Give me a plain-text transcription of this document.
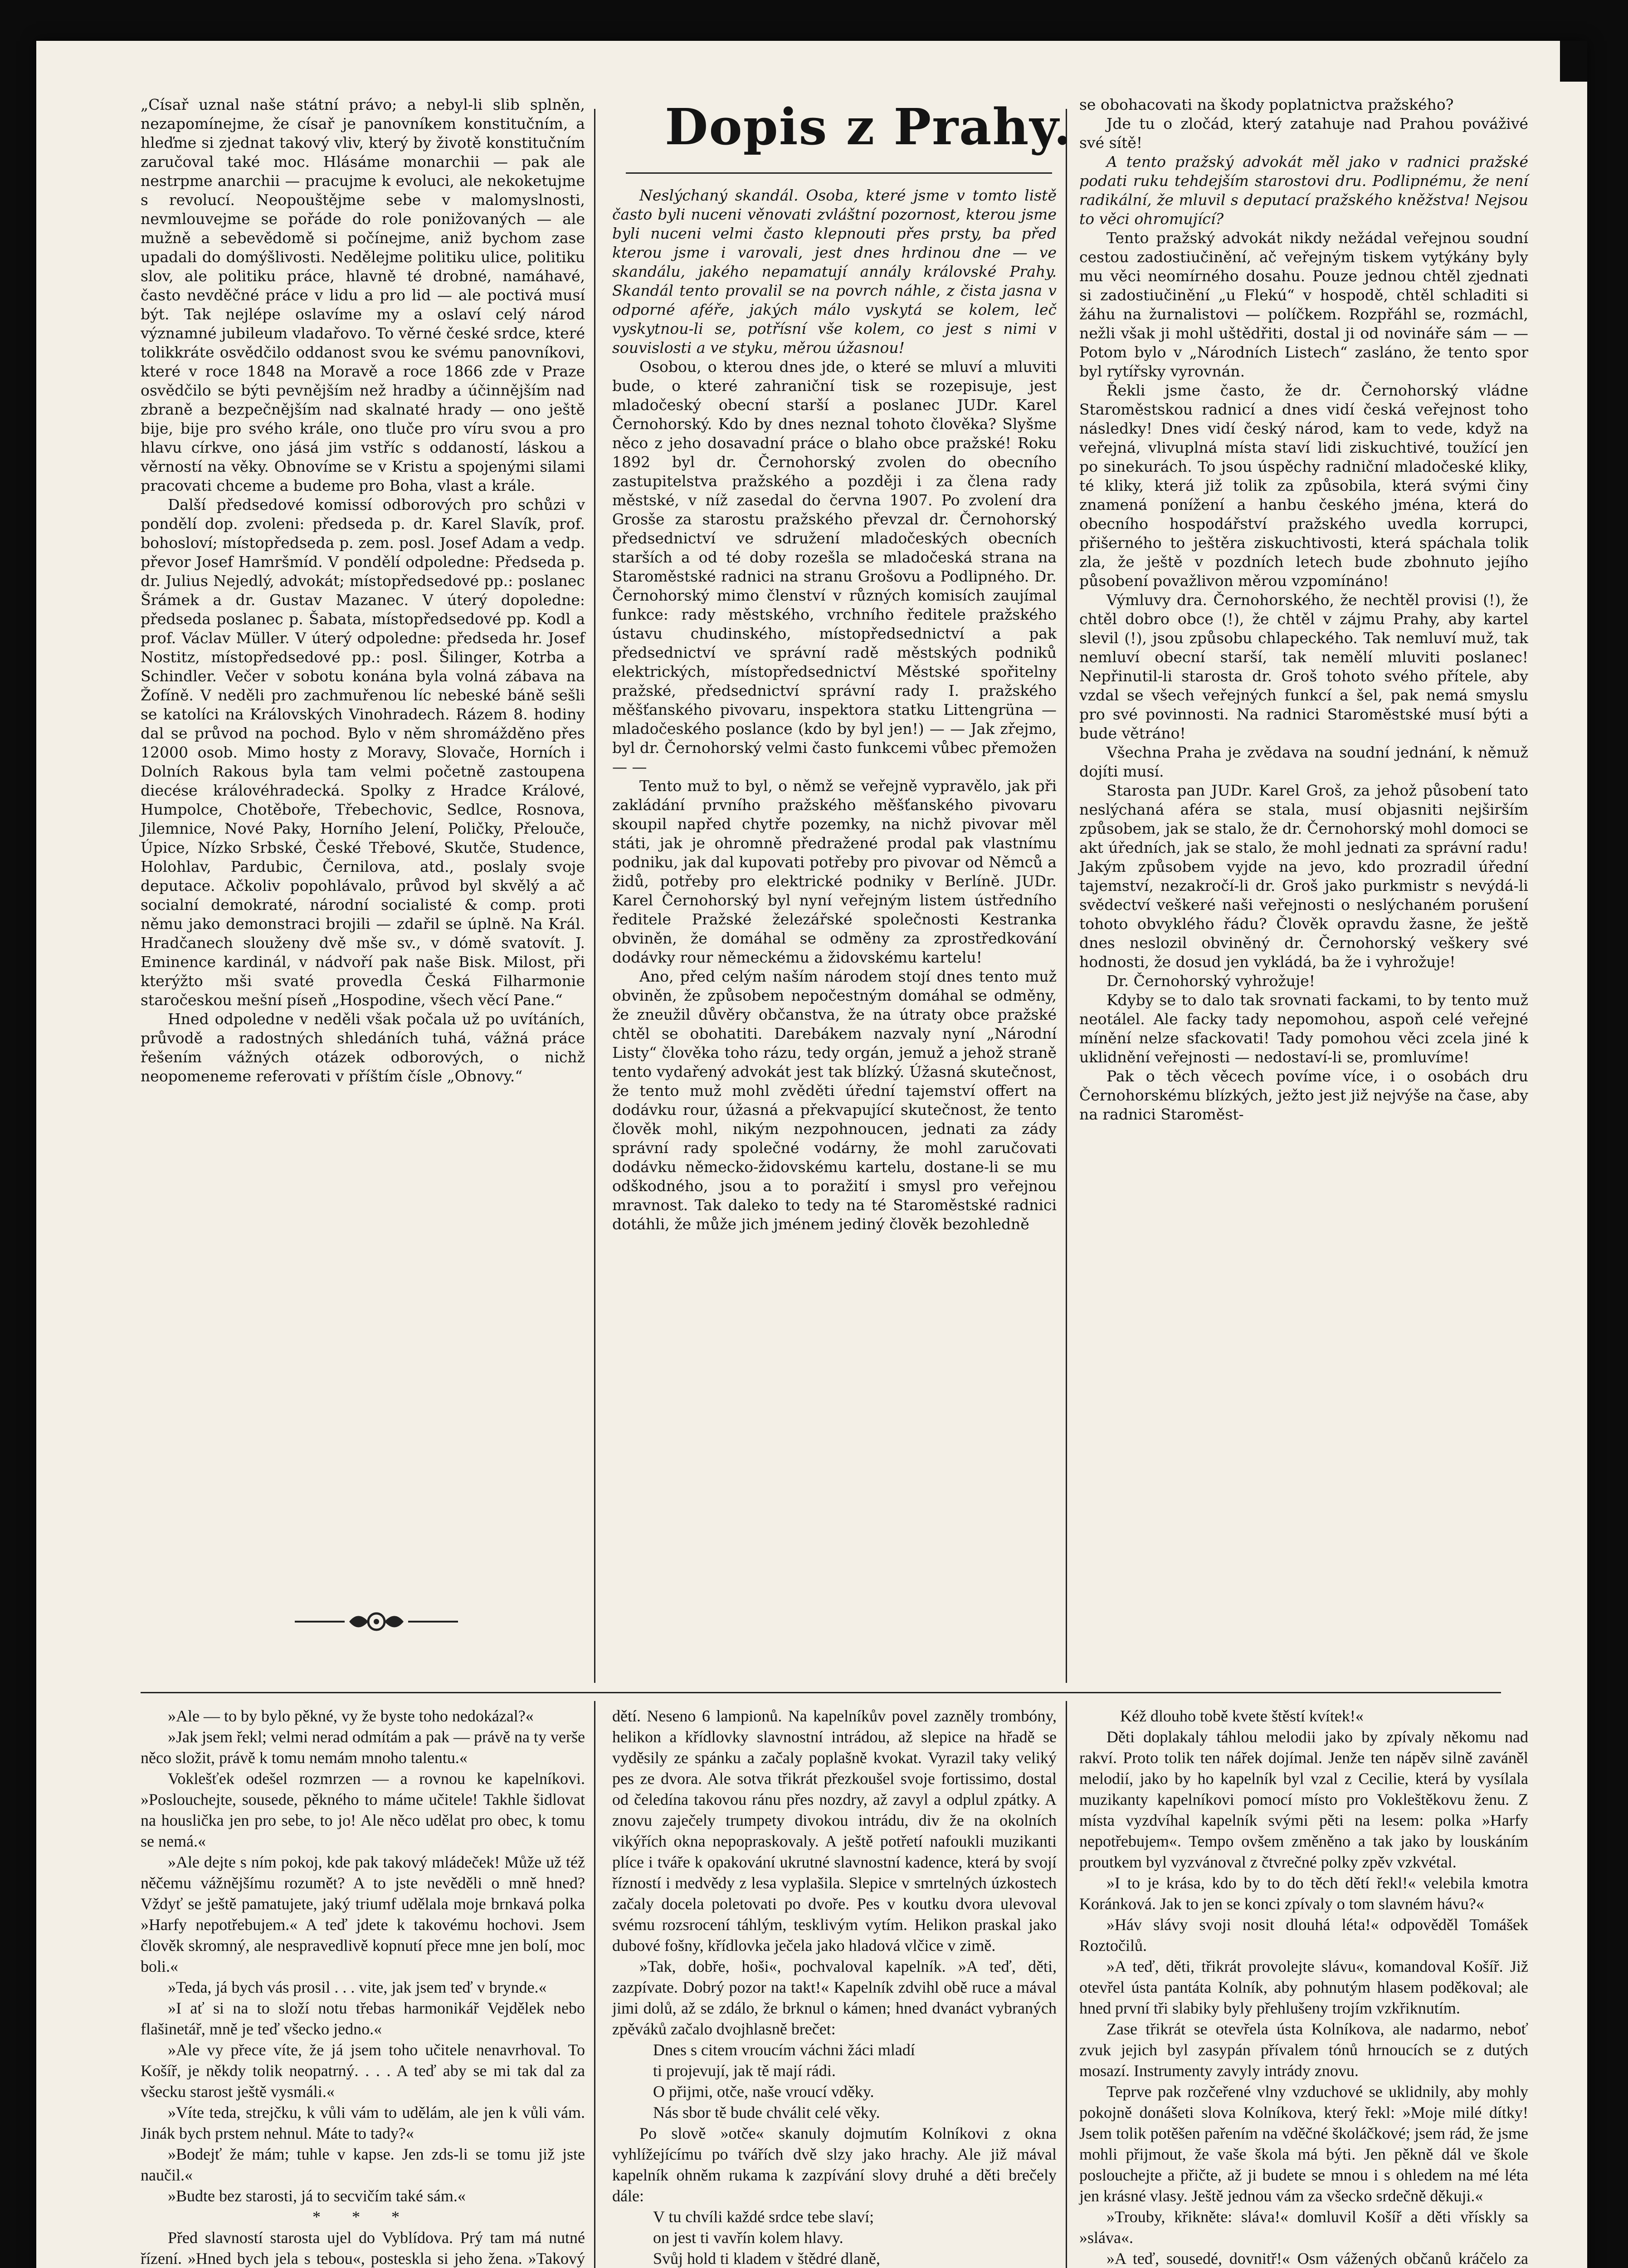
„Císař uznal naše státní právo; a nebyl-li slib splněn, nezapomínejme, že císař je panovníkem konstitučním, a hleďme si zjednat takový vliv, který by životě konstitučním zaručoval také moc. Hlásáme monarchii — pak ale nestrpme anarchii — pracujme k evoluci, ale nekoketujme s revolucí. Neopouštějme sebe v malomyslnosti, nevmlouvejme se pořáde do role ponižovaných — ale mužně a sebevědomě si počínejme, aniž bychom zase upadali do domýšlivosti. Nedělejme politiku ulice, politiku slov, ale politiku práce, hlavně té drobné, namáhavé, často nevděčné práce v lidu a pro lid — ale poctivá musí být. Tak nejlépe oslavíme my a oslaví celý národ významné jubileum vladařovo. To věrné české srdce, které tolikkráte osvědčilo oddanost svou ke svému panovníkovi, které v roce 1848 na Moravě a roce 1866 zde v Praze osvědčilo se býti pevnějším než hradby a účinnějším nad zbraně a bezpečnějším nad skalnaté hrady — ono ještě bije, bije pro svého krále, ono tluče pro víru svou a pro hlavu církve, ono jásá jim vstříc s oddaností, láskou a věrností na věky. Obnovíme se v Kristu a spojenými silami pracovati chceme a budeme pro Boha, vlast a krále.

Další předsedové komissí odborových pro schůzi v pondělí dop. zvoleni: předseda p. dr. Karel Slavík, prof. bohosloví; místopředseda p. zem. posl. Josef Adam a vedp. převor Josef Hamršmíd. V pondělí odpoledne: Předseda p. dr. Julius Nejedlý, advokát; místopředsedové pp.: poslanec Šrámek a dr. Gustav Mazanec. V úterý dopoledne: předseda poslanec p. Šabata, místopředsedové pp. Kodl a prof. Václav Müller. V úterý odpoledne: předseda hr. Josef Nostitz, místopředsedové pp.: posl. Šilinger, Kotrba a Schindler. Večer v sobotu konána byla volná zábava na Žofíně. V neděli pro zachmuřenou líc nebeské báně sešli se katolíci na Královských Vinohradech. Rázem 8. hodiny dal se průvod na pochod. Bylo v něm shromážděno přes 12000 osob. Mimo hosty z Moravy, Slovače, Horních i Dolních Rakous byla tam velmi početně zastoupena diecése královéhradecká. Spolky z Hradce Králové, Humpolce, Chotěboře, Třebechovic, Sedlce, Rosnova, Jilemnice, Nové Paky, Horního Jelení, Poličky, Přelouče, Úpice, Nízko Srbské, České Třebové, Skutče, Studence, Holohlav, Pardubic, Černilova, atd., poslaly svoje deputace. Ačkoliv popohlávalo, průvod byl skvělý a ač socialní demokraté, národní socialisté & comp. proti němu jako demonstraci brojili — zdařil se úplně. Na Král. Hradčanech slouženy dvě mše sv., v dómě svatovít. J. Eminence kardinál, v nádvoří pak naše Bisk. Milost, při kterýžto mši svaté provedla Česká Filharmonie staročeskou mešní píseň „Hospodine, všech věcí Pane.“

Hned odpoledne v neděli však počala už po uvítáních, průvodě a radostných shledáních tuhá, vážná práce řešením vážných otázek odborových, o nichž neopomeneme referovati v příštím čísle „Obnovy.“

Dopis z Prahy.

Neslýchaný skandál. Osoba, které jsme v tomto listě často byli nuceni věnovati zvláštní pozornost, kterou jsme byli nuceni velmi často klepnouti přes prsty, ba před kterou jsme i varovali, jest dnes hrdinou dne — ve skandálu, jakého nepamatují annály královské Prahy. Skandál tento provalil se na povrch náhle, z čista jasna v odporné aféře, jakých málo vyskytá se kolem, leč vyskytnou-li se, potřísní vše kolem, co jest s nimi v souvislosti a ve styku, měrou úžasnou!

Osobou, o kterou dnes jde, o které se mluví a mluviti bude, o které zahraniční tisk se rozepisuje, jest mladočeský obecní starší a poslanec JUDr. Karel Černohorský. Kdo by dnes neznal tohoto člověka? Slyšme něco z jeho dosavadní práce o blaho obce pražské! Roku 1892 byl dr. Černohorský zvolen do obecního zastupitelstva pražského a později i za člena rady městské, v níž zasedal do června 1907. Po zvolení dra Grosše za starostu pražského převzal dr. Černohorský předsednictví ve sdružení mladočeských obecních starších a od té doby rozešla se mladočeská strana na Staroměstské radnici na stranu Grošovu a Podlipného. Dr. Černohorský mimo členství v různých komisích zaujímal funkce: rady městského, vrchního ředitele pražského ústavu chudinského, místopředsednictví a pak předsednictví ve správní radě městských podniků elektrických, místopředsednictví Městské spořitelny pražské, předsednictví správní rady I. pražského měšťanského pivovaru, inspektora statku Littengrüna — mladočeského poslance (kdo by byl jen!) — — Jak zřejmo, byl dr. Černohorský velmi často funkcemi vůbec přemožen — —

Tento muž to byl, o němž se veřejně vypravělo, jak při zakládání prvního pražského měšťanského pivovaru skoupil napřed chytře pozemky, na nichž pivovar měl státi, jak je ohromně předražené prodal pak vlastnímu podniku, jak dal kupovati potřeby pro pivovar od Němců a židů, potřeby pro elektrické podniky v Berlíně. JUDr. Karel Černohorský byl nyní veřejným listem ústředního ředitele Pražské železářské společnosti Kestranka obviněn, že domáhal se odměny za zprostředkování dodávky rour německému a židovskému kartelu!

Ano, před celým naším národem stojí dnes tento muž obviněn, že způsobem nepočestným domáhal se odměny, že zneužil důvěry občanstva, že na útraty obce pražské chtěl se obohatiti. Darebákem nazvaly nyní „Národní Listy“ člověka toho rázu, tedy orgán, jemuž a jehož straně tento vydařený advokát jest tak blízký. Úžasná skutečnost, že tento muž mohl zvěděti úřední tajemství offert na dodávku rour, úžasná a překvapující skutečnost, že tento člověk mohl, nikým nezpohnoucen, jednati za zády správní rady společné vodárny, že mohl zaručovati dodávku německo-židovskému kartelu, dostane-li se mu odškodného, jsou a to poražití i smysl pro veřejnou mravnost. Tak daleko to tedy na té Staroměstské radnici dotáhli, že může jich jménem jediný člověk bezohledně

se obohacovati na škody poplatnictva pražského?

Jde tu o zločád, který zatahuje nad Prahou pováživé své sítě!

A tento pražský advokát měl jako v radnici pražské podati ruku tehdejším starostovi dru. Podlipnému, že není radikální, že mluvil s deputací pražského kněžstva! Nejsou to věci ohromující?

Tento pražský advokát nikdy nežádal veřejnou soudní cestou zadostiučinění, ač veřejným tiskem vytýkány byly mu věci neomírného dosahu. Pouze jednou chtěl zjednati si zadostiučinění „u Flekú“ v hospodě, chtěl schladiti si žáhu na žurnalistovi — políčkem. Rozpřáhl se, rozmáchl, nežli však ji mohl uštědřiti, dostal ji od novináře sám — — Potom bylo v „Národních Listech“ zasláno, že tento spor byl rytířsky vyrovnán.

Řekli jsme často, že dr. Černohorský vládne Staroměstskou radnicí a dnes vidí česká veřejnost toho následky! Dnes vidí český národ, kam to vede, když na veřejná, vlivuplná místa staví lidi ziskuchtivé, toužící jen po sinekurách. To jsou úspěchy radniční mladočeské kliky, té kliky, která již tolik za způsobila, která svými činy znamená ponížení a hanbu českého jména, která do obecního hospodářství pražského uvedla korrupci, přišerného to ještěra ziskuchtivosti, která spáchala tolik zla, že ještě v pozdních letech bude zbohnuto jejího působení považlivon měrou vzpomínáno!

Výmluvy dra. Černohorského, že nechtěl provisi (!), že chtěl dobro obce (!), že chtěl v zájmu Prahy, aby kartel slevil (!), jsou způsobu chlapeckého. Tak nemluví muž, tak nemluví obecní starší, tak nemělí mluviti poslanec! Nepřinutil-li starosta dr. Groš tohoto svého přítele, aby vzdal se všech veřejných funkcí a šel, pak nemá smyslu pro své povinnosti. Na radnici Staroměstské musí býti a bude větráno!

Všechna Praha je zvědava na soudní jednání, k němuž dojíti musí.

Starosta pan JUDr. Karel Groš, za jehož působení tato neslýchaná aféra se stala, musí objasniti nejširším způsobem, jak se stalo, že dr. Černohorský mohl domoci se akt úředních, jak se stalo, že mohl jednati za správní radu! Jakým způsobem vyjde na jevo, kdo prozradil úřední tajemství, nezakročí-li dr. Groš jako purkmistr s nevýdá-li svědectví veškeré naši veřejnosti o neslýchaném porušení tohoto obvyklého řádu? Člověk opravdu žasne, že ještě dnes neslozil obviněný dr. Černohorský veškery své hodnosti, že dosud jen vykládá, ba že i vyhrožuje!

Dr. Černohorský vyhrožuje!

Kdyby se to dalo tak srovnati fackami, to by tento muž neotálel. Ale facky tady nepomohou, aspoň celé veřejné mínění nelze sfackovati! Tady pomohou věci zcela jiné k uklidnění veřejnosti — nedostaví-li se, promluvíme!

Pak o těch věcech povíme více, i o osobách dru Černohorskému blízkých, ježto jest již nejvýše na čase, aby na radnici Staroměst-

»Ale — to by bylo pěkné, vy že byste toho nedokázal?«

»Jak jsem řekl; velmi nerad odmítám a pak — právě na ty verše něco složit, právě k tomu nemám mnoho talentu.«

Voklešťek odešel rozmrzen — a rovnou ke kapelníkovi. »Poslouchejte, sousede, pěkného to máme učitele! Takhle šidlovat na houslička jen pro sebe, to jo! Ale něco udělat pro obec, k tomu se nemá.«

»Ale dejte s ním pokoj, kde pak takový mládeček! Může už též něčemu vážnějšímu rozumět? A to jste nevěděli o mně hned? Vždyť se ještě pamatujete, jaký triumf udělala moje brnkavá polka »Harfy nepotřebujem.« A teď jdete k takovému hochovi. Jsem člověk skromný, ale nespravedlivě kopnutí přece mne jen bolí, moc boli.«

»Teda, já bych vás prosil . . . vite, jak jsem teď v brynde.«

»I ať si na to složí notu třebas harmonikář Vejdělek nebo flašinetář, mně je teď všecko jedno.«

»Ale vy přece víte, že já jsem toho učitele nenavrhoval. To Košíř, je někdy tolik neopatrný. . . . A teď aby se mi tak dal za všecku starost ještě vysmáli.«

»Víte teda, strejčku, k vůli vám to udělám, ale jen k vůli vám. Jinák bych prstem nehnul. Máte to tady?«

»Bodejť že mám; tuhle v kapse. Jen zds-li se tomu již jste naučil.«

»Budte bez starosti, já to secvičím také sám.«

* * *

Před slavností starosta ujel do Vyblídova. Prý tam má nutné řízení. »Hned bych jela s tebou«, posteskla si jeho žena. »Takový

dětí. Neseno 6 lampionů. Na kapelníkův povel zazněly trombóny, helikon a křídlovky slavnostní intrádou, až slepice na hřadě se vyděsily ze spánku a začaly poplašně kvokat. Vyrazil taky veliký pes ze dvora. Ale sotva třikrát přezkoušel svoje fortissimo, dostal od čeledína takovou ránu přes nozdry, až zavyl a odplul zpátky. A znovu zaječely trumpety divokou intrádu, div že na okolních vikýřích okna nepopraskovaly. A ještě potřetí nafoukli muzikanti plíce i tváře k opakování ukrutné slavnostní kadence, která by svojí řízností i medvědy z lesa vyplašila. Slepice v smrtelných úzkostech začaly docela poletovati po dvoře. Pes v koutku dvora ulevoval svému rozsrocení táhlým, tesklivým vytím. Helikon praskal jako dubové fošny, křídlovka ječela jako hladová vlčice v zimě.

»Tak, dobře, hoši«, pochvaloval kapelník. »A teď, děti, zazpívate. Dobrý pozor na takt!« Kapelník zdvihl obě ruce a mával jimi dolů, až se zdálo, že brknul o kámen; hned dvanáct vybraných zpěváků začalo dvojhlasně brečet:

Dnes s citem vroucím váchni žáci mladí

ti projevují, jak tě mají rádi.

O přijmi, otče, naše vroucí vděky.

Nás sbor tě bude chválit celé věky.

Po slově »otče« skanuly dojmutím Kolníkovi z okna vyhlížejícímu po tvářích dvě slzy jako hrachy. Ale již mával kapelník ohněm rukama k zazpívání slovy druhé a děti brečely dále:

V tu chvíli každé srdce tebe slaví;

on jest ti vavřín kolem hlavy.

Svůj hold ti kladem v štědré dlaně,

Kéž dlouho tobě kvete štěstí kvítek!«

Děti doplakaly táhlou melodii jako by zpívaly někomu nad rakví. Proto tolik ten nářek dojímal. Jenže ten nápěv silně zaváněl melodií, jako by ho kapelník byl vzal z Cecilie, která by vysílala muzikanty kapelníkovi pomocí místo pro Vokleštěkovu ženu. Z místa vyzdvíhal kapelník svými pěti na lesem: polka »Harfy nepotřebujem«. Tempo ovšem změněno a tak jako by louskáním proutkem byl vyzvánoval z čtvrečné polky zpěv vzkvétal.

»I to je krása, kdo by to do těch dětí řekl!« velebila kmotra Koránková. Jak to jen se konci zpívaly o tom slavném hávu?«

»Háv slávy svoji nosit dlouhá léta!« odpověděl Tomášek Roztočilů.

»A teď, děti, třikrát provolejte slávu«, komandoval Košíř. Již otevřel ústa pantáta Kolník, aby pohnutým hlasem poděkoval; ale hned první tři slabiky byly přehlušeny trojím vzkřiknutím.

Zase třikrát se otevřela ústa Kolníkova, ale nadarmo, neboť zvuk jejich byl zasypán přívalem tónů hrnoucích se z dutých mosazí. Instrumenty zavyly intrády znovu.

Teprve pak rozčeřené vlny vzduchové se uklidnily, aby mohly pokojně donášeti slova Kolníkova, který řekl: »Moje milé dítky! Jsem tolik potěšen pařením na vděčné školáčkové; jsem rád, že jsme mohli přijmout, že vaše škola má býti. Jen pěkně dál ve škole poslouchejte a přičte, až ji budete se mnou i s ohledem na mé léta jen krásné vlasy. Ještě jednou vám za všecko srdečně děkuji.«

»Trouby, křikněte: sláva!« domluvil Košíř a děti vřískly sa »sláva«.

»A teď, sousedé, dovnitř!« Osm vážených občanů kráčelo za
